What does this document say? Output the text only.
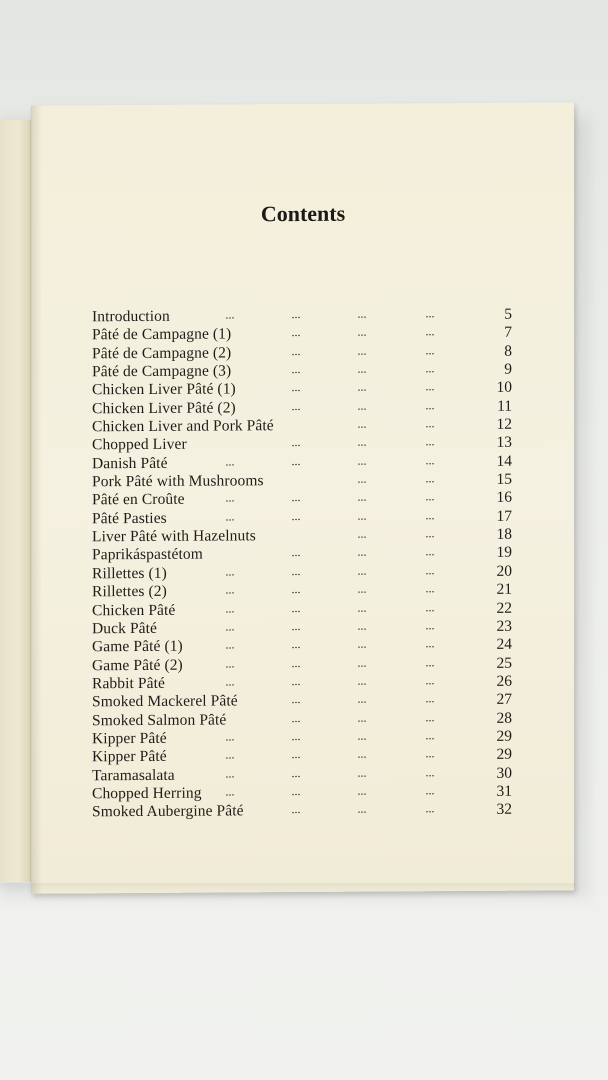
Contents
Introduction	...	...	...	...	5
Pâté de Campagne (1)	...	...	...	7
Pâté de Campagne (2)	...	...	...	8
Pâté de Campagne (3)	...	...	...	9
Chicken Liver Pâté (1)	...	...	...	10
Chicken Liver Pâté (2)	...	...	...	11
Chicken Liver and Pork Pâté	...	...	12
Chopped Liver	...	...	...	13
Danish Pâté	...	...	...	...	14
Pork Pâté with Mushrooms	...	...	15
Pâté en Croûte	...	...	...	...	16
Pâté Pasties	...	...	...	...	17
Liver Pâté with Hazelnuts	...	...	18
Paprikáspastétom	...	...	...	19
Rillettes (1)	...	...	...	...	20
Rillettes (2)	...	...	...	...	21
Chicken Pâté	...	...	...	...	22
Duck Pâté	...	...	...	...	23
Game Pâté (1)	...	...	...	...	24
Game Pâté (2)	...	...	...	...	25
Rabbit Pâté	...	...	...	...	26
Smoked Mackerel Pâté	...	...	...	27
Smoked Salmon Pâté	...	...	...	28
Kipper Pâté	...	...	...	...	29
Kipper Pâté	...	...	...	...	29
Taramasalata	...	...	...	...	30
Chopped Herring ...	...	...	...	31
Smoked Aubergine Pâté	...	...	...	32
